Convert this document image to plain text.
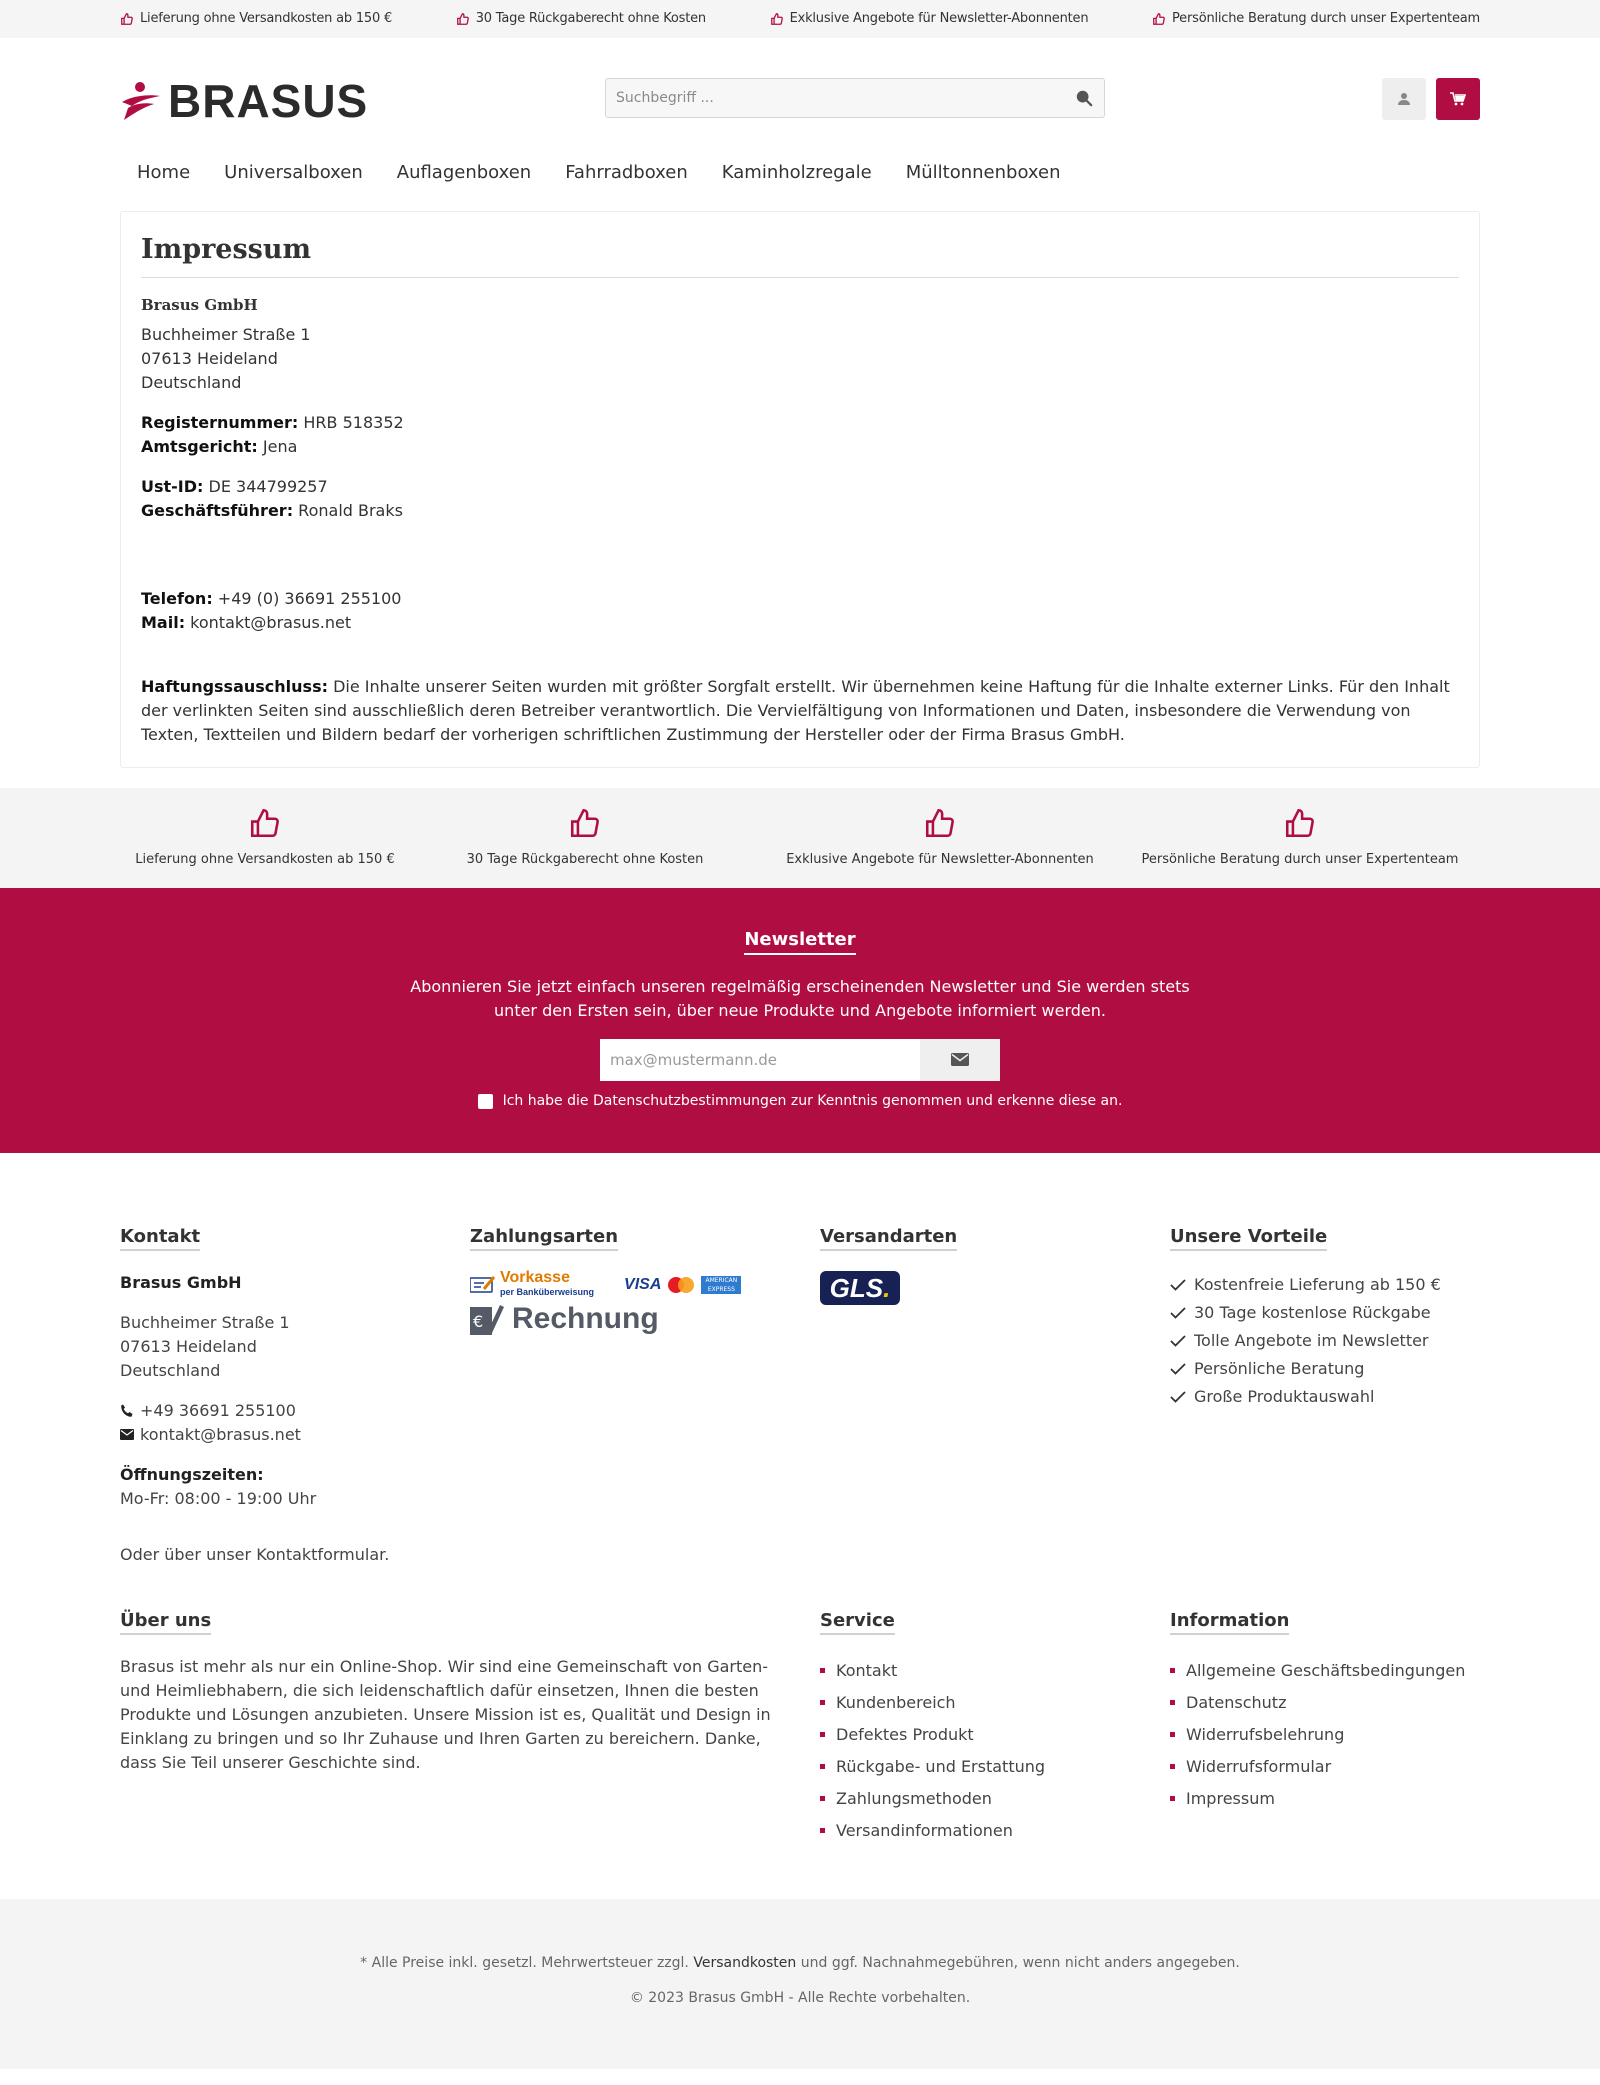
Lieferung ohne Versandkosten ab 150 €	30 Tage Rückgaberecht ohne Kosten	Exklusive Angebote für Newsletter-Abonnenten	Persönliche Beratung durch unser Expertenteam
BRASUS
Suchbegriff ...
Home	Universalboxen	Auflagenboxen	Fahrradboxen	Kaminholzregale	Mülltonnenboxen
Impressum
Brasus GmbH

Buchheimer Straße 1
07613 Heideland
Deutschland

Registernummer: HRB 518352
Amtsgericht: Jena

Ust-ID: DE 344799257
Geschäftsführer: Ronald Braks

Telefon: +49 (0) 36691 255100
Mail: kontakt@brasus.net

Haftungssauschluss: Die Inhalte unserer Seiten wurden mit größter Sorgfalt erstellt. Wir übernehmen keine Haftung für die Inhalte externer Links. Für den Inhalt der verlinkten Seiten sind ausschließlich deren Betreiber verantwortlich. Die Vervielfältigung von Informationen und Daten, insbesondere die Verwendung von Texten, Textteilen und Bildern bedarf der vorherigen schriftlichen Zustimmung der Hersteller oder der Firma Brasus GmbH.

Lieferung ohne Versandkosten ab 150 €	30 Tage Rückgaberecht ohne Kosten	Exklusive Angebote für Newsletter-Abonnenten	Persönliche Beratung durch unser Expertenteam
Newsletter
Abonnieren Sie jetzt einfach unseren regelmäßig erscheinenden Newsletter und Sie werden stets
unter den Ersten sein, über neue Produkte und Angebote informiert werden.
max@mustermann.de
Ich habe die Datenschutzbestimmungen zur Kenntnis genommen und erkenne diese an.
Kontakt
Brasus GmbH
Buchheimer Straße 1
07613 Heideland
Deutschland
+49 36691 255100
kontakt@brasus.net
Öffnungszeiten:
Mo-Fr: 08:00 - 19:00 Uhr
Oder über unser Kontaktformular.
Zahlungsarten
Vorkasse
per Banküberweisung VISA	AMERICAN EXPRESS
€ Rechnung
Versandarten
GLS.
Unsere Vorteile
Kostenfreie Lieferung ab 150 €
30 Tage kostenlose Rückgabe
Tolle Angebote im Newsletter
Persönliche Beratung
Große Produktauswahl
Über uns

Brasus ist mehr als nur ein Online-Shop. Wir sind eine Gemeinschaft von Garten- und Heimliebhabern, die sich leidenschaftlich dafür einsetzen, Ihnen die besten Produkte und Lösungen anzubieten. Unsere Mission ist es, Qualität und Design in Einklang zu bringen und so Ihr Zuhause und Ihren Garten zu bereichern. Danke, dass Sie Teil unserer Geschichte sind.

Service
Kontakt
Kundenbereich
Defektes Produkt
Rückgabe- und Erstattung
Zahlungsmethoden
Versandinformationen
Information
Allgemeine Geschäftsbedingungen
Datenschutz
Widerrufsbelehrung
Widerrufsformular
Impressum

* Alle Preise inkl. gesetzl. Mehrwertsteuer zzgl. Versandkosten und ggf. Nachnahmegebühren, wenn nicht anders angegeben.

© 2023 Brasus GmbH - Alle Rechte vorbehalten.
